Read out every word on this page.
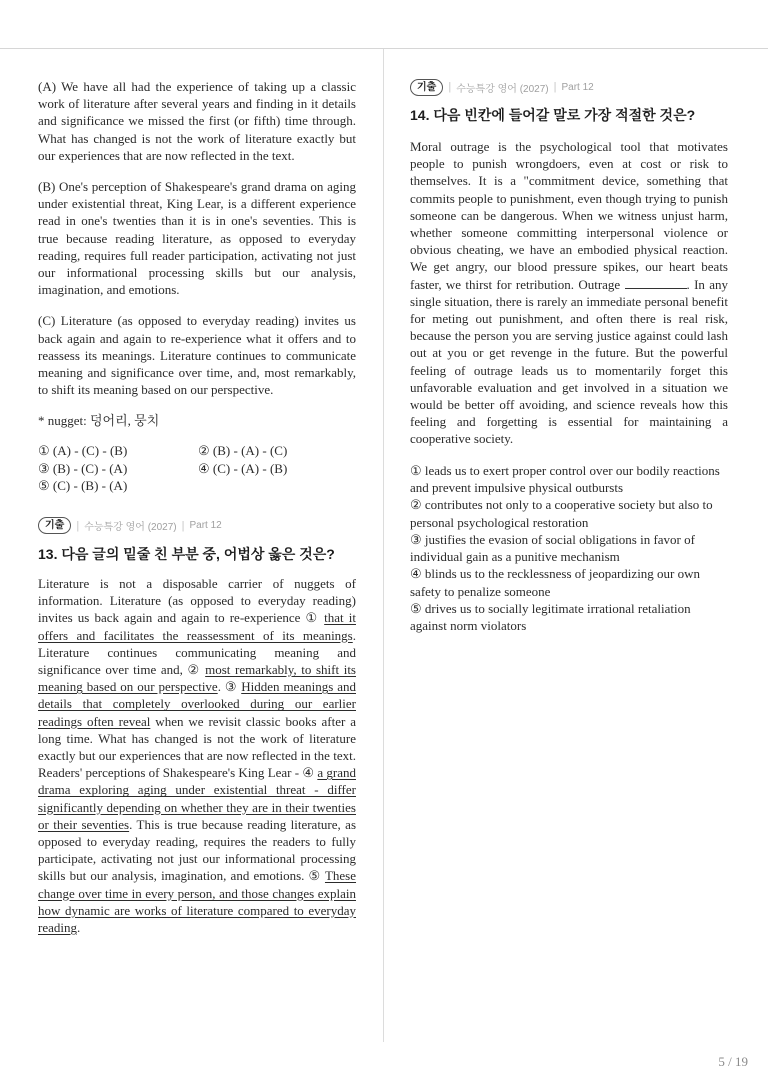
(A) We have all had the experience of taking up a classic work of literature after several years and finding in it details and significance we missed the first (or fifth) time through. What has changed is not the work of literature exactly but our experiences that are now reflected in the text.

(B) One's perception of Shakespeare's grand drama on aging under existential threat, King Lear, is a different experience read in one's twenties than it is in one's seventies. This is true because reading literature, as opposed to everyday reading, requires full reader participation, activating not just our informational processing skills but our analysis, imagination, and emotions.

(C) Literature (as opposed to everyday reading) invites us back again and again to re-experience what it offers and to reassess its meanings. Literature continues to communicate meaning and significance over time, and, most remarkably, to shift its meaning based on our perspective.

* nugget: 덩어리, 뭉치

① (A) - (C) - (B)	② (B) - (A) - (C)
③ (B) - (C) - (A)	④ (C) - (A) - (B)
⑤ (C) - (B) - (A)
기출	| 수능특강 영어 (2027) | Part 12

13. 다음 글의 밑줄 친 부분 중, 어법상 옳은 것은?

Literature is not a disposable carrier of nuggets of information. Literature (as opposed to everyday reading) invites us back again and again to re-experience ① that it offers and facilitates the reassessment of its meanings. Literature continues communicating meaning and significance over time and, ② most remarkably, to shift its meaning based on our perspective. ③ Hidden meanings and details that completely overlooked during our earlier readings often reveal when we revisit classic books after a long time. What has changed is not the work of literature exactly but our experiences that are now reflected in the text. Readers' perceptions of Shakespeare's King Lear - ④ a grand drama exploring aging under existential threat - differ significantly depending on whether they are in their twenties or their seventies. This is true because reading literature, as opposed to everyday reading, requires the readers to fully participate, activating not just our informational processing skills but our analysis, imagination, and emotions. ⑤ These change over time in every person, and those changes explain how dynamic are works of literature compared to everyday reading.

기출	| 수능특강 영어 (2027) | Part 12

14. 다음 빈칸에 들어갈 말로 가장 적절한 것은?

Moral outrage is the psychological tool that motivates people to punish wrongdoers, even at cost or risk to themselves. It is a "commitment device, something that commits people to punishment, even though trying to punish someone can be dangerous. When we witness unjust harm, whether someone committing interpersonal violence or obvious cheating, we have an embodied physical reaction. We get angry, our blood pressure spikes, our heart beats faster, we thirst for retribution. Outrage	. In any single situation, there is rarely an immediate personal benefit for meting out punishment, and often there is real risk, because the person you are serving justice against could lash out at you or get revenge in the future. But the powerful feeling of outrage leads us to momentarily forget this unfavorable evaluation and get involved in a situation we would be better off avoiding, and science reveals how this feeling and forgetting is essential for maintaining a cooperative society.

① leads us to exert proper control over our bodily reactions and prevent impulsive physical outbursts
② contributes not only to a cooperative society but also to personal psychological restoration
③ justifies the evasion of social obligations in favor of individual gain as a punitive mechanism
④ blinds us to the recklessness of jeopardizing our own safety to penalize someone
⑤ drives us to socially legitimate irrational retaliation against norm violators
5 / 19
